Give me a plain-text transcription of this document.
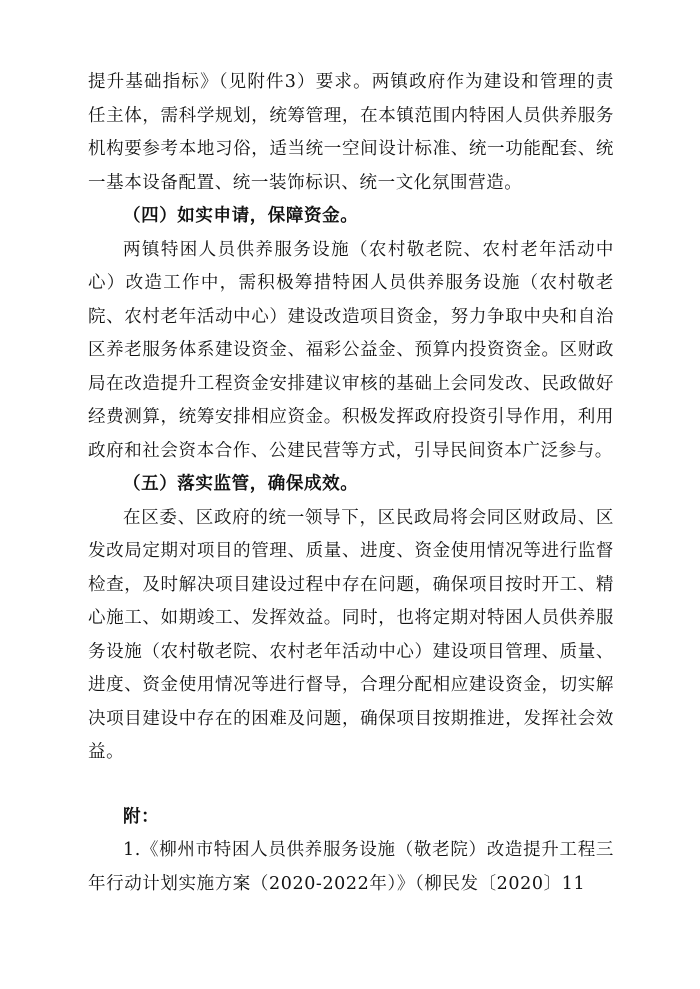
提升基础指标》（见附件3）要求。两镇政府作为建设和管理的责任主体，需科学规划，统筹管理，在本镇范围内特困人员供养服务机构要参考本地习俗，适当统一空间设计标准、统一功能配套、统一基本设备配置、统一装饰标识、统一文化氛围营造。

（四）如实申请，保障资金。

两镇特困人员供养服务设施（农村敬老院、农村老年活动中心）改造工作中，需积极筹措特困人员供养服务设施（农村敬老院、农村老年活动中心）建设改造项目资金，努力争取中央和自治区养老服务体系建设资金、福彩公益金、预算内投资资金。区财政局在改造提升工程资金安排建议审核的基础上会同发改、民政做好经费测算，统筹安排相应资金。积极发挥政府投资引导作用，利用政府和社会资本合作、公建民营等方式，引导民间资本广泛参与。

（五）落实监管，确保成效。

在区委、区政府的统一领导下，区民政局将会同区财政局、区发改局定期对项目的管理、质量、进度、资金使用情况等进行监督检查，及时解决项目建设过程中存在问题，确保项目按时开工、精心施工、如期竣工、发挥效益。同时，也将定期对特困人员供养服务设施（农村敬老院、农村老年活动中心）建设项目管理、质量、进度、资金使用情况等进行督导，合理分配相应建设资金，切实解决项目建设中存在的困难及问题，确保项目按期推进，发挥社会效益。

附：

1.《柳州市特困人员供养服务设施（敬老院）改造提升工程三年行动计划实施方案（2020-2022年）》（柳民发〔2020〕11
